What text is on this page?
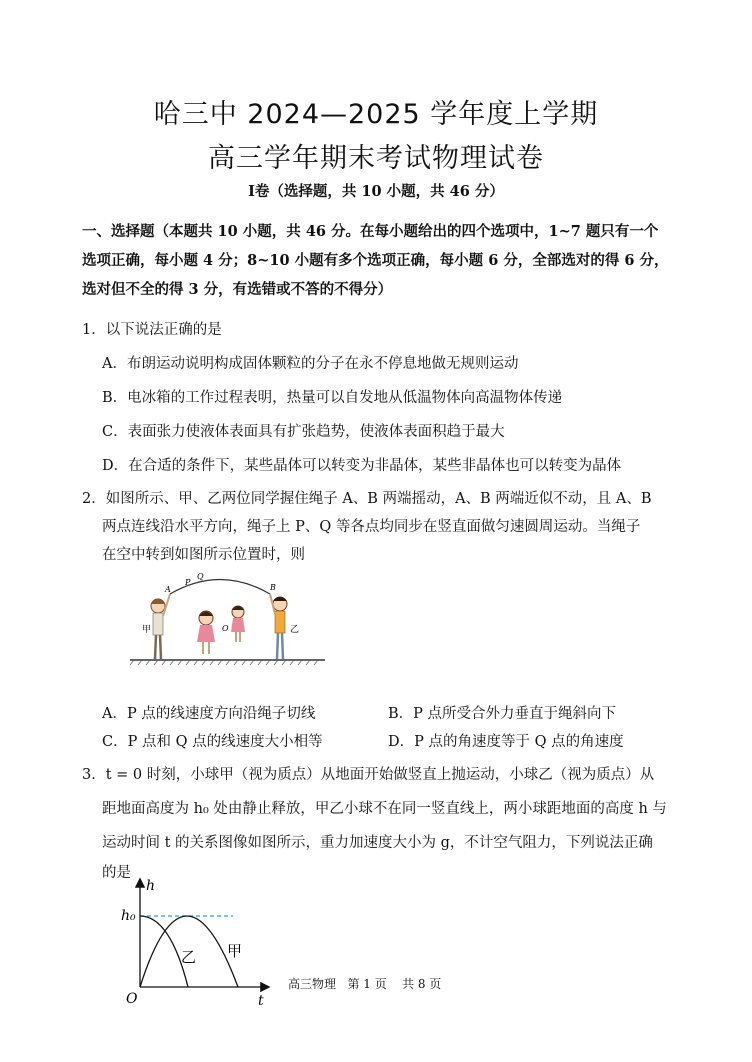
哈三中 2024—2025 学年度上学期
高三学年期末考试物理试卷
Ⅰ卷（选择题，共 10 小题，共 46 分）
一、选择题（本题共 10 小题，共 46 分。在每小题给出的四个选项中，1~7 题只有一个
选项正确，每小题 4 分；8~10 小题有多个选项正确，每小题 6 分，全部选对的得 6 分，
选对但不全的得 3 分，有选错或不答的不得分）
1．以下说法正确的是
A．布朗运动说明构成固体颗粒的分子在永不停息地做无规则运动
B．电冰箱的工作过程表明，热量可以自发地从低温物体向高温物体传递
C．表面张力使液体表面具有扩张趋势，使液体表面积趋于最大
D．在合适的条件下，某些晶体可以转变为非晶体，某些非晶体也可以转变为晶体
2．如图所示、甲、乙两位同学握住绳子 A、B 两端摇动，A、B 两端近似不动，且 A、B
两点连线沿水平方向，绳子上 P、Q 等各点均同步在竖直面做匀速圆周运动。当绳子
在空中转到如图所示位置时，则
A
P
Q
B
O
甲	乙
A．P 点的线速度方向沿绳子切线	B．P 点所受合外力垂直于绳斜向下
C．P 点和 Q 点的线速度大小相等	D．P 点的角速度等于 Q 点的角速度
3．t = 0 时刻，小球甲（视为质点）从地面开始做竖直上抛运动，小球乙（视为质点）从
距地面高度为 h₀ 处由静止释放，甲乙小球不在同一竖直线上，两小球距地面的高度 h 与
运动时间 t 的关系图像如图所示，重力加速度大小为 g，不计空气阻力，下列说法正确
的是
h
h₀
O	t
乙 甲
高三物理 第 1 页 共 8 页
